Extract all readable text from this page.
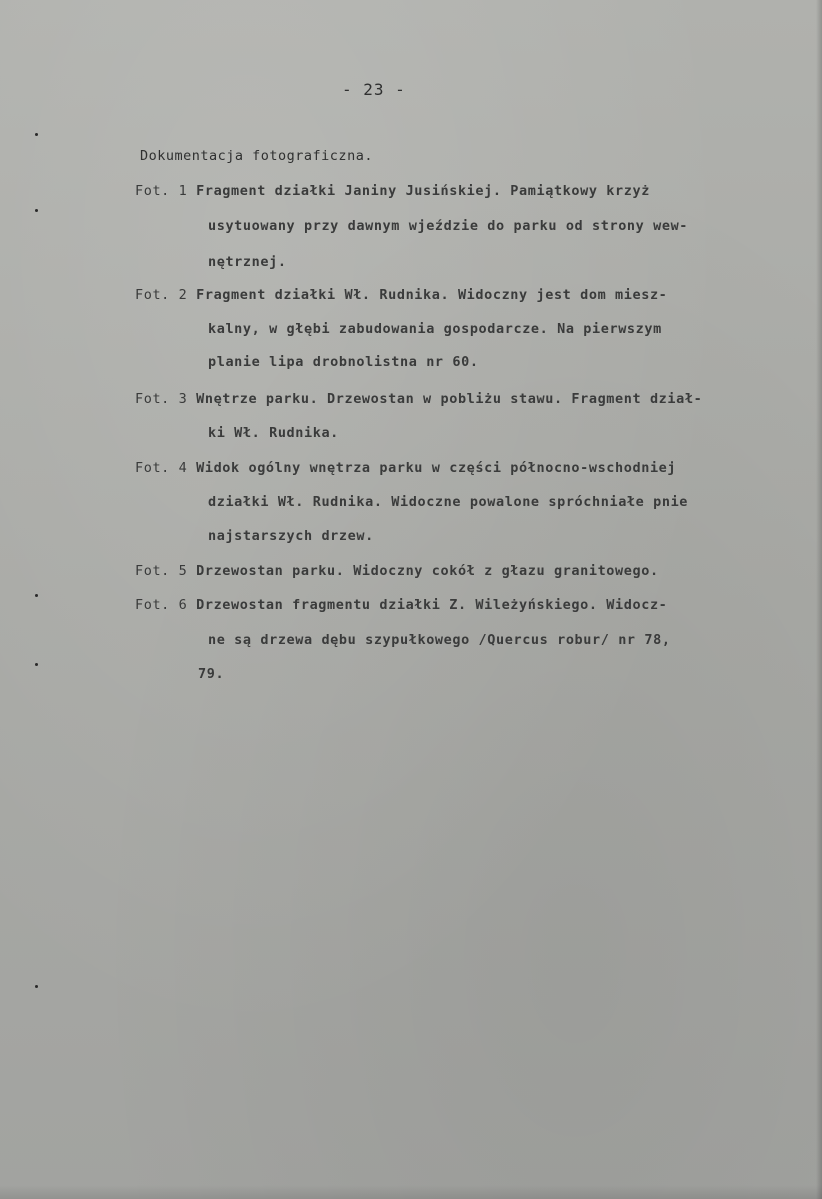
- 23 -
Dokumentacja fotograficzna.
Fot. 1 Fragment działki Janiny Jusińskiej. Pamiątkowy krzyż
usytuowany przy dawnym wjeździe do parku od strony wew-
nętrznej.
Fot. 2 Fragment działki Wł. Rudnika. Widoczny jest dom miesz-
kalny, w głębi zabudowania gospodarcze. Na pierwszym
planie lipa drobnolistna nr 60.
Fot. 3 Wnętrze parku. Drzewostan w pobliżu stawu. Fragment dział-
ki Wł. Rudnika.
Fot. 4 Widok ogólny wnętrza parku w części północno-wschodniej
działki Wł. Rudnika. Widoczne powalone spróchniałe pnie
najstarszych drzew.
Fot. 5 Drzewostan parku. Widoczny cokół z głazu granitowego.
Fot. 6 Drzewostan fragmentu działki Z. Wileżyńskiego. Widocz-
ne są drzewa dębu szypułkowego /Quercus robur/ nr 78,
79.
